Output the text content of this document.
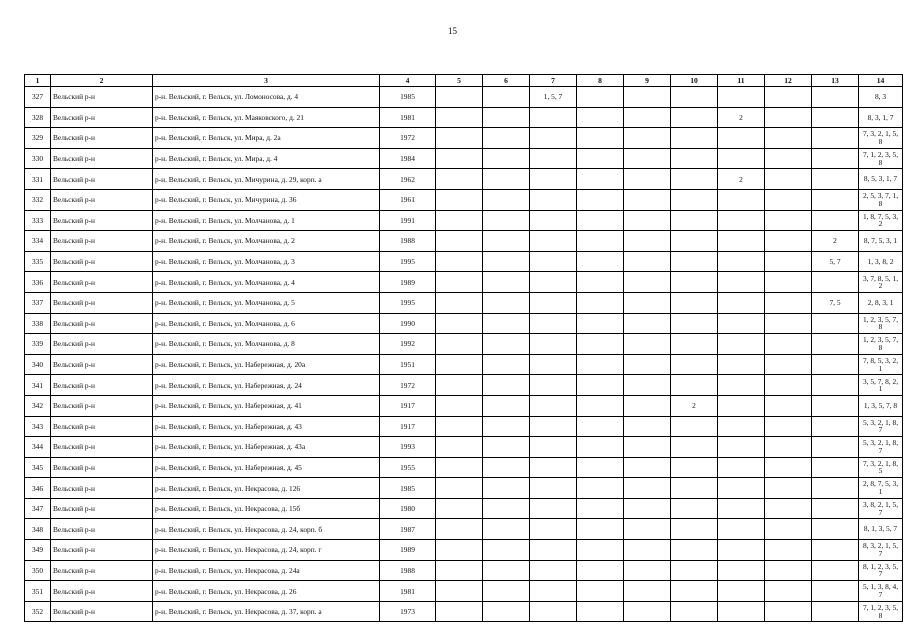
15
1	2	3	4	5	6	7	8	9	10	11	12	13	14
327	Вельский р-н	р-н. Вельский, г. Вельск, ул. Ломоносова, д. 4	1985			1, 5, 7							8, 3
328	Вельский р-н	р-н. Вельский, г. Вельск, ул. Маяковского, д. 21	1981							2			8, 3, 1, 7
329	Вельский р-н	р-н. Вельский, г. Вельск, ул. Мира, д. 2а	1972										7, 3, 2, 1, 5, 8
330	Вельский р-н	р-н. Вельский, г. Вельск, ул. Мира, д. 4	1984										7, 1, 2, 3, 5, 8
331	Вельский р-н	р-н. Вельский, г. Вельск, ул. Мичурина, д. 29, корп. а	1962							2			8, 5, 3, 1, 7
332	Вельский р-н	р-н. Вельский, г. Вельск, ул. Мичурина, д. 36	1961										2, 5, 3, 7, 1, 8
333	Вельский р-н	р-н. Вельский, г. Вельск, ул. Молчанова, д. 1	1991										1, 8, 7, 5, 3, 2
334	Вельский р-н	р-н. Вельский, г. Вельск, ул. Молчанова, д. 2	1988									2	8, 7, 5, 3, 1
335	Вельский р-н	р-н. Вельский, г. Вельск, ул. Молчанова, д. 3	1995									5, 7	1, 3, 8, 2
336	Вельский р-н	р-н. Вельский, г. Вельск, ул. Молчанова, д. 4	1989										3, 7, 8, 5, 1, 2
337	Вельский р-н	р-н. Вельский, г. Вельск, ул. Молчанова, д. 5	1995									7, 5	2, 8, 3, 1
338	Вельский р-н	р-н. Вельский, г. Вельск, ул. Молчанова, д. 6	1990										1, 2, 3, 5, 7, 8
339	Вельский р-н	р-н. Вельский, г. Вельск, ул. Молчанова, д. 8	1992										1, 2, 3, 5, 7, 8
340	Вельский р-н	р-н. Вельский, г. Вельск, ул. Набережная, д. 20а	1951										7, 8, 5, 3, 2, 1
341	Вельский р-н	р-н. Вельский, г. Вельск, ул. Набережная, д. 24	1972										3, 5, 7, 8, 2, 1
342	Вельский р-н	р-н. Вельский, г. Вельск, ул. Набережная, д. 41	1917						2				1, 3, 5, 7, 8
343	Вельский р-н	р-н. Вельский, г. Вельск, ул. Набережная, д. 43	1917										5, 3, 2, 1, 8, 7
344	Вельский р-н	р-н. Вельский, г. Вельск, ул. Набережная, д. 43а	1993										5, 3, 2, 1, 8, 7
345	Вельский р-н	р-н. Вельский, г. Вельск, ул. Набережная, д. 45	1955										7, 3, 2, 1, 8, 5
346	Вельский р-н	р-н. Вельский, г. Вельск, ул. Некрасова, д. 126	1985										2, 8, 7, 5, 3, 1
347	Вельский р-н	р-н. Вельский, г. Вельск, ул. Некрасова, д. 15б	1980										3, 8, 2, 1, 5, 7
348	Вельский р-н	р-н. Вельский, г. Вельск, ул. Некрасова, д. 24, корп. б	1987										8, 1, 3, 5, 7
349	Вельский р-н	р-н. Вельский, г. Вельск, ул. Некрасова, д. 24, корп. г	1989										8, 3, 2, 1, 5, 7
350	Вельский р-н	р-н. Вельский, г. Вельск, ул. Некрасова, д. 24а	1988										8, 1, 2, 3, 5, 7
351	Вельский р-н	р-н. Вельский, г. Вельск, ул. Некрасова, д. 26	1981										5, 1, 3, 8, 4, 7
352	Вельский р-н	р-н. Вельский, г. Вельск, ул. Некрасова, д. 37, корп. а	1973										7, 1, 2, 3, 5, 8
